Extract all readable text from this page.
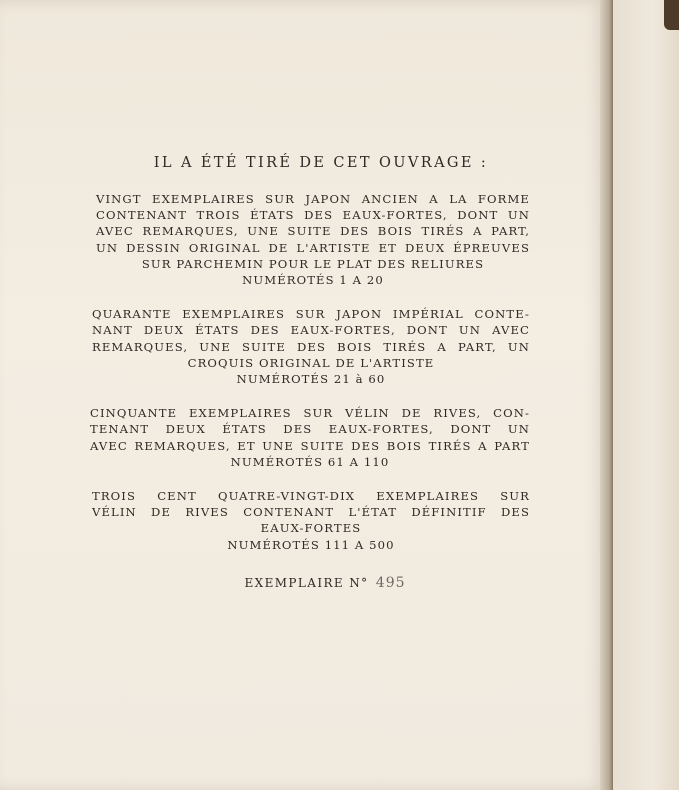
IL A ÉTÉ TIRÉ DE CET OUVRAGE :
VINGT EXEMPLAIRES SUR JAPON ANCIEN A LA FORME
CONTENANT TROIS ÉTATS DES EAUX-FORTES, DONT UN
AVEC REMARQUES, UNE SUITE DES BOIS TIRÉS A PART,
UN DESSIN ORIGINAL DE L'ARTISTE ET DEUX ÉPREUVES
SUR PARCHEMIN POUR LE PLAT DES RELIURES
NUMÉROTÉS 1 A 20
QUARANTE EXEMPLAIRES SUR JAPON IMPÉRIAL CONTE-
NANT DEUX ÉTATS DES EAUX-FORTES, DONT UN AVEC
REMARQUES, UNE SUITE DES BOIS TIRÉS A PART, UN
CROQUIS ORIGINAL DE L'ARTISTE
NUMÉROTÉS 21 à 60
CINQUANTE EXEMPLAIRES SUR VÉLIN DE RIVES, CON-
TENANT DEUX ÉTATS DES EAUX-FORTES, DONT UN
AVEC REMARQUES, ET UNE SUITE DES BOIS TIRÉS A PART
NUMÉROTÉS 61 A 110
TROIS CENT QUATRE-VINGT-DIX EXEMPLAIRES SUR
VÉLIN DE RIVES CONTENANT L'ÉTAT DÉFINITIF DES
EAUX-FORTES
NUMÉROTÉS 111 A 500
EXEMPLAIRE N° 495
